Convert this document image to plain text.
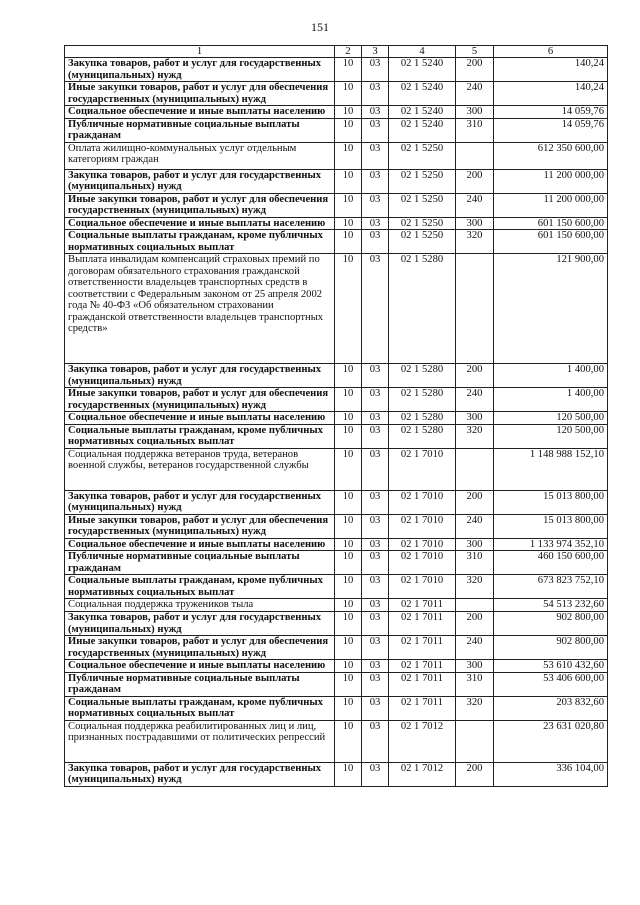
151
1	2	3	4	5	6
Закупка товаров, работ и услуг для государственных (муниципальных) нужд	10	03	02 1 5240	200	140,24
Иные закупки товаров, работ и услуг для обеспечения государственных (муниципальных) нужд	10	03	02 1 5240	240	140,24
Социальное обеспечение и иные выплаты населению	10	03	02 1 5240	300	14 059,76
Публичные нормативные социальные выплаты гражданам	10	03	02 1 5240	310	14 059,76
Оплата жилищно-коммунальных услуг отдельным категориям граждан	10	03	02 1 5250		612 350 600,00
Закупка товаров, работ и услуг для государственных (муниципальных) нужд	10	03	02 1 5250	200	11 200 000,00
Иные закупки товаров, работ и услуг для обеспечения государственных (муниципальных) нужд	10	03	02 1 5250	240	11 200 000,00
Социальное обеспечение и иные выплаты населению	10	03	02 1 5250	300	601 150 600,00
Социальные выплаты гражданам, кроме публичных нормативных социальных выплат	10	03	02 1 5250	320	601 150 600,00
Выплата инвалидам компенсаций страховых премий по договорам обязательного страхования гражданской ответственности владельцев транспортных средств в соответствии с Федеральным законом от 25 апреля 2002 года № 40-ФЗ «Об обязательном страховании гражданской ответственности владельцев транспортных средств»	10	03	02 1 5280		121 900,00
Закупка товаров, работ и услуг для государственных (муниципальных) нужд	10	03	02 1 5280	200	1 400,00
Иные закупки товаров, работ и услуг для обеспечения государственных (муниципальных) нужд	10	03	02 1 5280	240	1 400,00
Социальное обеспечение и иные выплаты населению	10	03	02 1 5280	300	120 500,00
Социальные выплаты гражданам, кроме публичных нормативных социальных выплат	10	03	02 1 5280	320	120 500,00
Социальная поддержка ветеранов труда, ветеранов военной службы, ветеранов государственной службы	10	03	02 1 7010		1 148 988 152,10
Закупка товаров, работ и услуг для государственных (муниципальных) нужд	10	03	02 1 7010	200	15 013 800,00
Иные закупки товаров, работ и услуг для обеспечения государственных (муниципальных) нужд	10	03	02 1 7010	240	15 013 800,00
Социальное обеспечение и иные выплаты населению	10	03	02 1 7010	300	1 133 974 352,10
Публичные нормативные социальные выплаты гражданам	10	03	02 1 7010	310	460 150 600,00
Социальные выплаты гражданам, кроме публичных нормативных социальных выплат	10	03	02 1 7010	320	673 823 752,10
Социальная поддержка тружеников тыла	10	03	02 1 7011		54 513 232,60
Закупка товаров, работ и услуг для государственных (муниципальных) нужд	10	03	02 1 7011	200	902 800,00
Иные закупки товаров, работ и услуг для обеспечения государственных (муниципальных) нужд	10	03	02 1 7011	240	902 800,00
Социальное обеспечение и иные выплаты населению	10	03	02 1 7011	300	53 610 432,60
Публичные нормативные социальные выплаты гражданам	10	03	02 1 7011	310	53 406 600,00
Социальные выплаты гражданам, кроме публичных нормативных социальных выплат	10	03	02 1 7011	320	203 832,60
Социальная поддержка реабилитированных лиц и лиц, признанных пострадавшими от политических репрессий	10	03	02 1 7012		23 631 020,80
Закупка товаров, работ и услуг для государственных (муниципальных) нужд	10	03	02 1 7012	200	336 104,00
